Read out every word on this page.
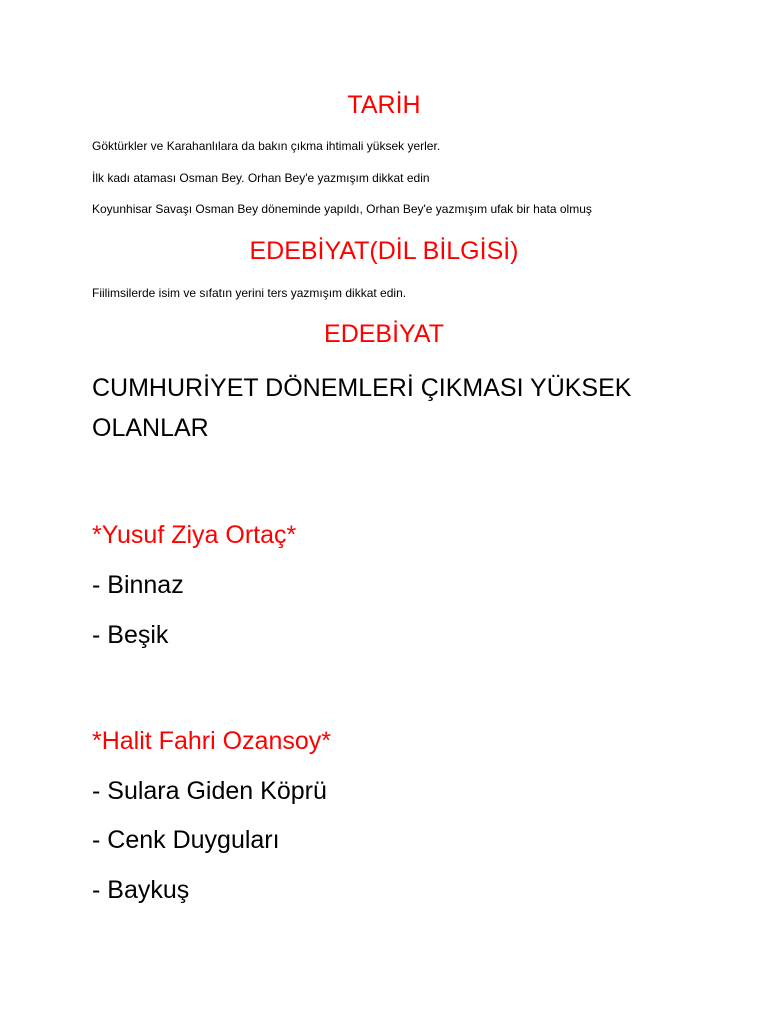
TARİH

Göktürkler ve Karahanlılara da bakın çıkma ihtimali yüksek yerler.

İlk kadı ataması Osman Bey. Orhan Bey'e yazmışım dikkat edin

Koyunhisar Savaşı Osman Bey döneminde yapıldı, Orhan Bey'e yazmışım ufak bir hata olmuş

EDEBİYAT(DİL BİLGİSİ)

Fiilimsilerde isim ve sıfatın yerini ters yazmışım dikkat edin.

EDEBİYAT

CUMHURİYET DÖNEMLERİ ÇIKMASI YÜKSEK

OLANLAR

*Yusuf Ziya Ortaç*

- Binnaz

- Beşik

*Halit Fahri Ozansoy*

- Sulara Giden Köprü

- Cenk Duyguları

- Baykuş
